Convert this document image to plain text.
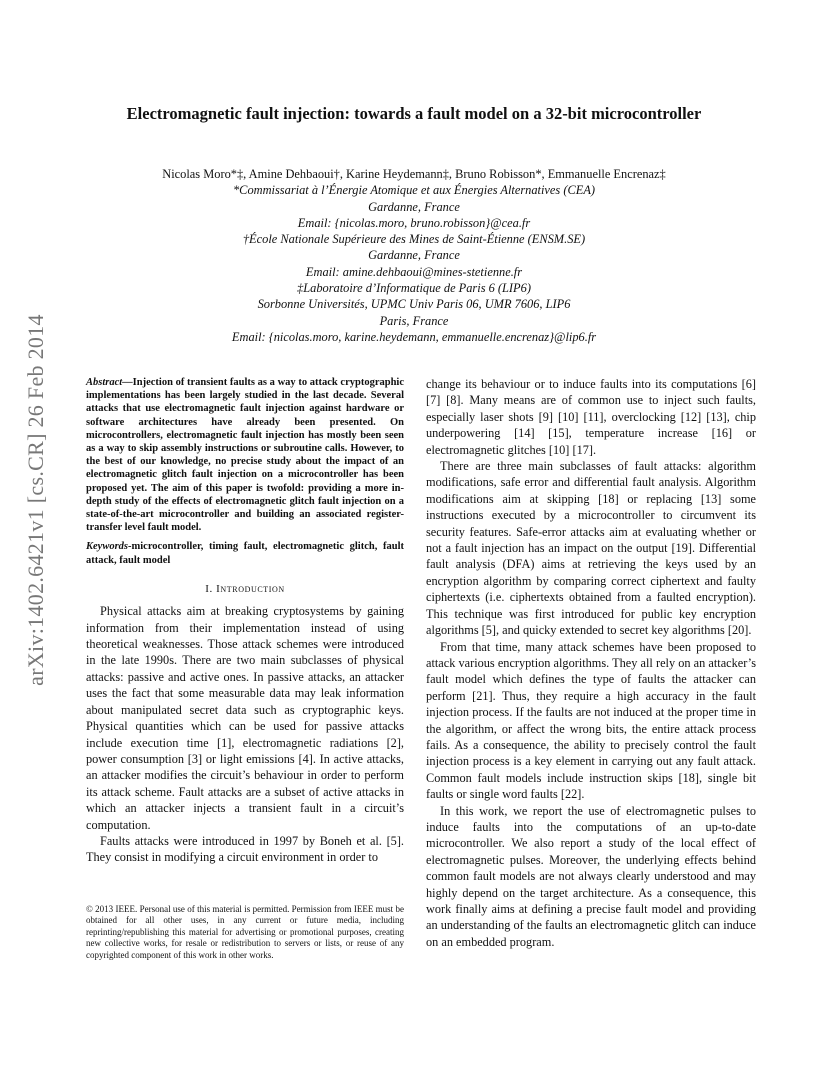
arXiv:1402.6421v1 [cs.CR] 26 Feb 2014
Electromagnetic fault injection: towards a fault model on a 32-bit microcontroller
Nicolas Moro*‡, Amine Dehbaoui†, Karine Heydemann‡, Bruno Robisson*, Emmanuelle Encrenaz‡
*Commissariat à l’Énergie Atomique et aux Énergies Alternatives (CEA)
Gardanne, France
Email: {nicolas.moro, bruno.robisson}@cea.fr
†École Nationale Supérieure des Mines de Saint-Étienne (ENSM.SE)
Gardanne, France
Email: amine.dehbaoui@mines-stetienne.fr
‡Laboratoire d’Informatique de Paris 6 (LIP6)
Sorbonne Universités, UPMC Univ Paris 06, UMR 7606, LIP6
Paris, France
Email: {nicolas.moro, karine.heydemann, emmanuelle.encrenaz}@lip6.fr
Abstract—Injection of transient faults as a way to attack cryptographic implementations has been largely studied in the last decade. Several attacks that use electromagnetic fault injection against hardware or software architectures have already been presented. On microcontrollers, electromagnetic fault injection has mostly been seen as a way to skip assembly instructions or subroutine calls. However, to the best of our knowledge, no precise study about the impact of an electromagnetic glitch fault injection on a microcontroller has been proposed yet. The aim of this paper is twofold: providing a more in-depth study of the effects of electromagnetic glitch fault injection on a state-of-the-art microcontroller and building an associated register-transfer level fault model.
Keywords-microcontroller, timing fault, electromagnetic glitch, fault attack, fault model
I. Introduction

Physical attacks aim at breaking cryptosystems by gaining information from their implementation instead of using theoretical weaknesses. Those attack schemes were introduced in the late 1990s. There are two main subclasses of physical attacks: passive and active ones. In passive attacks, an attacker uses the fact that some measurable data may leak information about manipulated secret data such as cryptographic keys. Physical quantities which can be used for passive attacks include execution time [1], electromagnetic radiations [2], power consumption [3] or light emissions [4]. In active attacks, an attacker modifies the circuit’s behaviour in order to perform its attack scheme. Fault attacks are a subset of active attacks in which an attacker injects a transient fault in a circuit’s computation.

Faults attacks were introduced in 1997 by Boneh et al. [5]. They consist in modifying a circuit environment in order to

© 2013 IEEE. Personal use of this material is permitted. Permission from IEEE must be obtained for all other uses, in any current or future media, including reprinting/republishing this material for advertising or promotional purposes, creating new collective works, for resale or redistribution to servers or lists, or reuse of any copyrighted component of this work in other works.

change its behaviour or to induce faults into its computations [6] [7] [8]. Many means are of common use to inject such faults, especially laser shots [9] [10] [11], overclocking [12] [13], chip underpowering [14] [15], temperature increase [16] or electromagnetic glitches [10] [17].

There are three main subclasses of fault attacks: algorithm modifications, safe error and differential fault analysis. Algorithm modifications aim at skipping [18] or replacing [13] some instructions executed by a microcontroller to circumvent its security features. Safe-error attacks aim at evaluating whether or not a fault injection has an impact on the output [19]. Differential fault analysis (DFA) aims at retrieving the keys used by an encryption algorithm by comparing correct ciphertext and faulty ciphertexts (i.e. ciphertexts obtained from a faulted encryption). This technique was first introduced for public key encryption algorithms [5], and quicky extended to secret key algorithms [20].

From that time, many attack schemes have been proposed to attack various encryption algorithms. They all rely on an attacker’s fault model which defines the type of faults the attacker can perform [21]. Thus, they require a high accuracy in the fault injection process. If the faults are not induced at the proper time in the algorithm, or affect the wrong bits, the entire attack process fails. As a consequence, the ability to precisely control the fault injection process is a key element in carrying out any fault attack. Common fault models include instruction skips [18], single bit faults or single word faults [22].

In this work, we report the use of electromagnetic pulses to induce faults into the computations of an up-to-date microcontroller. We also report a study of the local effect of electromagnetic pulses. Moreover, the underlying effects behind common fault models are not always clearly understood and may highly depend on the target architecture. As a consequence, this work finally aims at defining a precise fault model and providing an understanding of the faults an electromagnetic glitch can induce on an embedded program.
